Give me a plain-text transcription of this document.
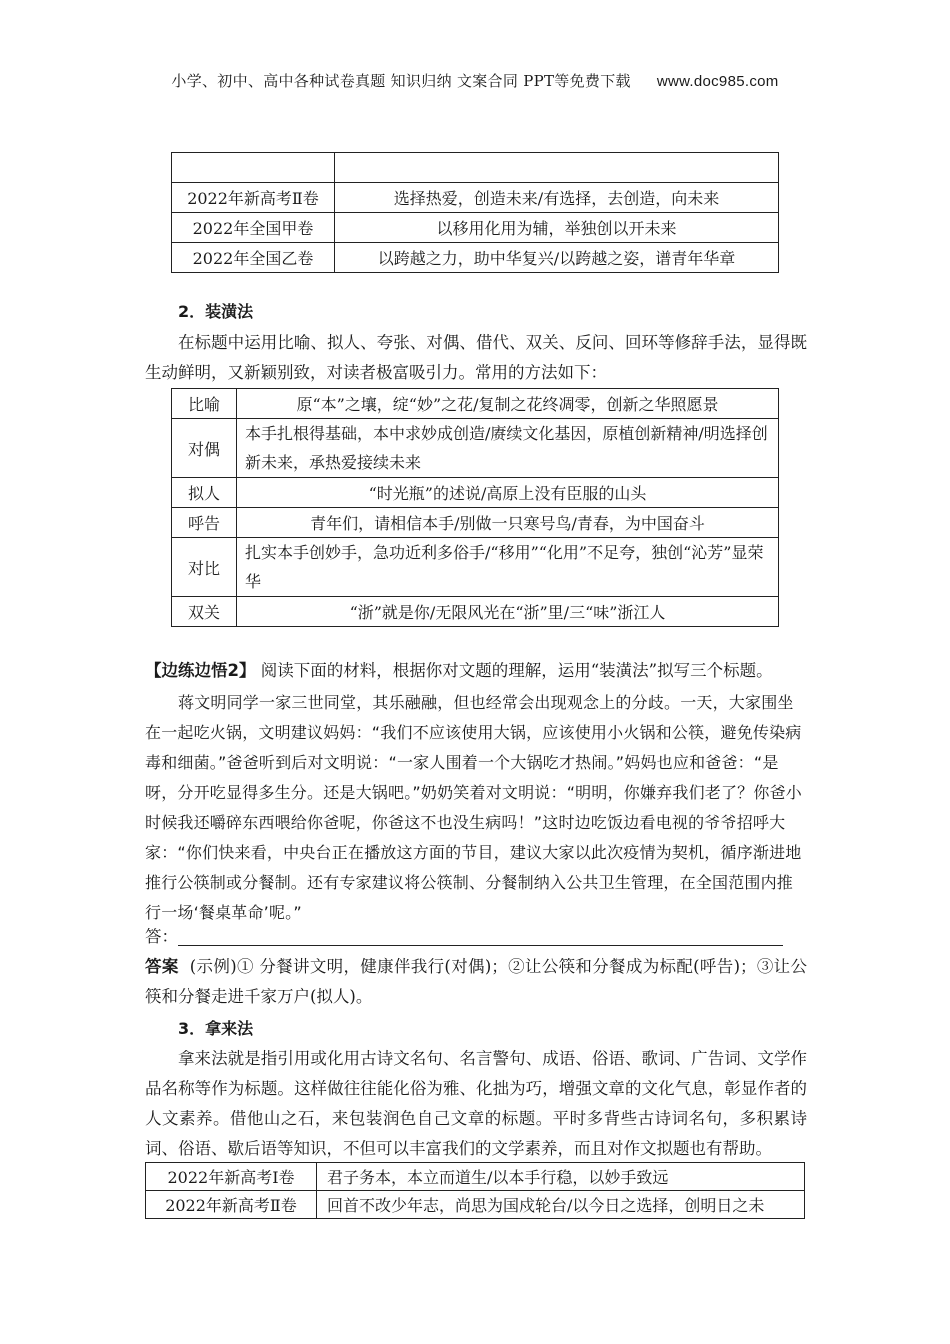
小学、初中、高中各种试卷真题 知识归纳 文案合同 PPT等免费下载 www.doc985.com

2022年新高考Ⅱ卷	选择热爱，创造未来/有选择，去创造，向未来
2022年全国甲卷	以移用化用为辅，举独创以开未来
2022年全国乙卷	以跨越之力，助中华复兴/以跨越之姿，谱青年华章
2．装潢法
在标题中运用比喻、拟人、夸张、对偶、借代、双关、反问、回环等修辞手法，显得既生动鲜明，又新颖别致，对读者极富吸引力。常用的方法如下：
比喻	原“本”之壤，绽“妙”之花/复制之花终凋零，创新之华照愿景
对偶	本手扎根得基础，本中求妙成创造/赓续文化基因，原植创新精神/明选择创新未来，承热爱接续未来
拟人	“时光瓶”的述说/高原上没有臣服的山头
呼告	青年们，请相信本手/别做一只寒号鸟/青春，为中国奋斗
对比	扎实本手创妙手，急功近利多俗手/“移用”“化用”不足夸，独创“沁芳”显荣华
双关	“浙”就是你/无限风光在“浙”里/三“味”浙江人
【边练边悟2】 阅读下面的材料，根据你对文题的理解，运用“装潢法”拟写三个标题。
蒋文明同学一家三世同堂，其乐融融，但也经常会出现观念上的分歧。一天，大家围坐在一起吃火锅，文明建议妈妈：“我们不应该使用大锅，应该使用小火锅和公筷，避免传染病毒和细菌。”爸爸听到后对文明说：“一家人围着一个大锅吃才热闹。”妈妈也应和爸爸：“是呀，分开吃显得多生分。还是大锅吧。”奶奶笑着对文明说：“明明，你嫌弃我们老了？你爸小时候我还嚼碎东西喂给你爸呢，你爸这不也没生病吗！”这时边吃饭边看电视的爷爷招呼大家：“你们快来看，中央台正在播放这方面的节目，建议大家以此次疫情为契机，循序渐进地推行公筷制或分餐制。还有专家建议将公筷制、分餐制纳入公共卫生管理，在全国范围内推行一场‘餐桌革命’呢。”
答：
答案 (示例)① 分餐讲文明，健康伴我行(对偶)；②让公筷和分餐成为标配(呼告)；③让公筷和分餐走进千家万户(拟人)。
3．拿来法
拿来法就是指引用或化用古诗文名句、名言警句、成语、俗语、歌词、广告词、文学作品名称等作为标题。这样做往往能化俗为雅、化拙为巧，增强文章的文化气息，彰显作者的人文素养。借他山之石，来包装润色自己文章的标题。平时多背些古诗词名句，多积累诗词、俗语、歇后语等知识，不但可以丰富我们的文学素养，而且对作文拟题也有帮助。
2022年新高考Ⅰ卷	君子务本，本立而道生/以本手行稳，以妙手致远
2022年新高考Ⅱ卷	回首不改少年志，尚思为国戍轮台/以今日之选择，创明日之未
